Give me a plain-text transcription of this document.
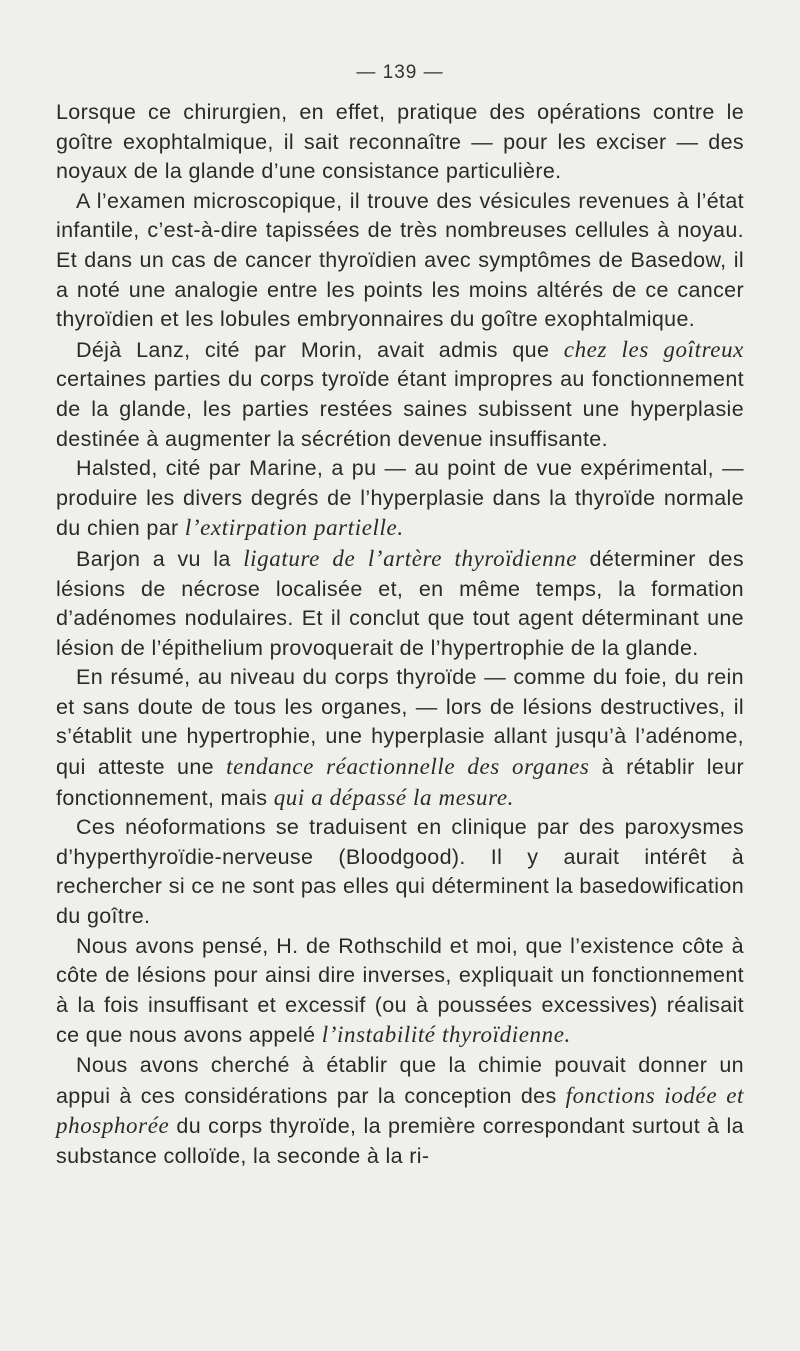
— 139 —

Lorsque ce chirurgien, en effet, pratique des opérations contre le goître exophtalmique, il sait reconnaître — pour les exciser — des noyaux de la glande d’une consistance particulière.

A l’examen microscopique, il trouve des vésicules revenues à l’état infantile, c’est-à-dire tapissées de très nombreuses cellules à noyau. Et dans un cas de cancer thyroïdien avec symptômes de Basedow, il a noté une analogie entre les points les moins altérés de ce cancer thyroïdien et les lobules embryonnaires du goître exophtalmique.

Déjà Lanz, cité par Morin, avait admis que chez les goîtreux certaines parties du corps tyroïde étant impropres au fonctionnement de la glande, les parties restées saines subissent une hyperplasie destinée à augmenter la sécrétion devenue insuffisante.

Halsted, cité par Marine, a pu — au point de vue expérimental, — produire les divers degrés de l’hyperplasie dans la thyroïde normale du chien par l’extirpation partielle.

Barjon a vu la ligature de l’artère thyroïdienne déterminer des lésions de nécrose localisée et, en même temps, la formation d’adénomes nodulaires. Et il conclut que tout agent déterminant une lésion de l’épithelium provoquerait de l’hypertrophie de la glande.

En résumé, au niveau du corps thyroïde — comme du foie, du rein et sans doute de tous les organes, — lors de lésions destructives, il s’établit une hypertrophie, une hyperplasie allant jusqu’à l’adénome, qui atteste une tendance réactionnelle des organes à rétablir leur fonctionnement, mais qui a dépassé la mesure.

Ces néoformations se traduisent en clinique par des paroxysmes d’hyperthyroïdie-nerveuse (Bloodgood). Il y aurait intérêt à rechercher si ce ne sont pas elles qui déterminent la basedowification du goître.

Nous avons pensé, H. de Rothschild et moi, que l’existence côte à côte de lésions pour ainsi dire inverses, expliquait un fonctionnement à la fois insuffisant et excessif (ou à poussées excessives) réalisait ce que nous avons appelé l’instabilité thyroïdienne.

Nous avons cherché à établir que la chimie pouvait donner un appui à ces considérations par la conception des fonctions iodée et phosphorée du corps thyroïde, la première correspondant surtout à la substance colloïde, la seconde à la ri-
